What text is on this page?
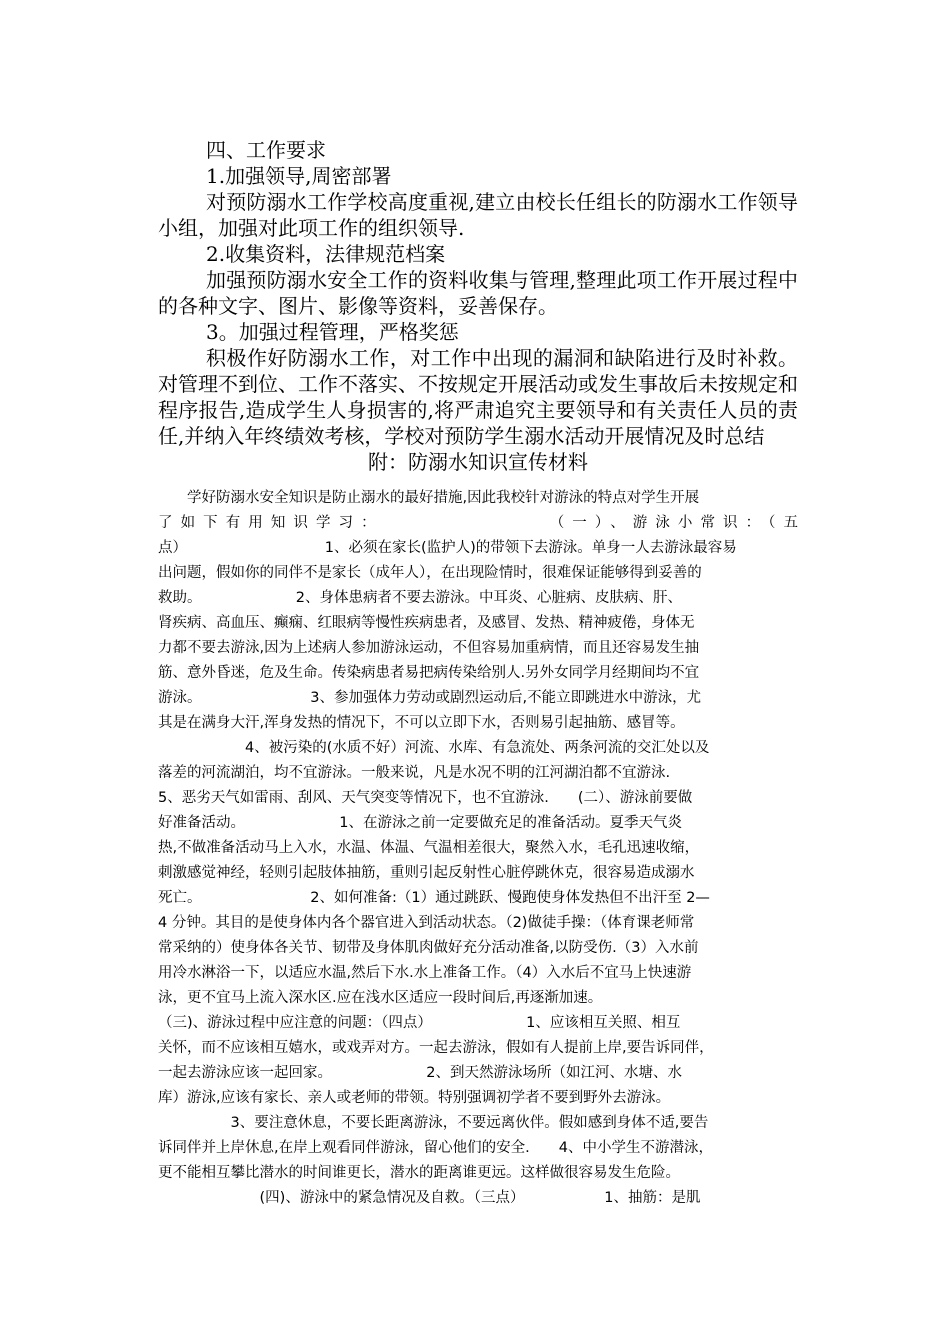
四、工作要求

1.加强领导,周密部署

对预防溺水工作学校高度重视,建立由校长任组长的防溺水工作领导小组，加强对此项工作的组织领导.

2.收集资料，法律规范档案

加强预防溺水安全工作的资料收集与管理,整理此项工作开展过程中的各种文字、图片、影像等资料，妥善保存。

3。加强过程管理，严格奖惩

积极作好防溺水工作，对工作中出现的漏洞和缺陷进行及时补救。对管理不到位、工作不落实、不按规定开展活动或发生事故后未按规定和程序报告,造成学生人身损害的,将严肃追究主要领导和有关责任人员的责任,并纳入年终绩效考核，学校对预防学生溺水活动开展情况及时总结

附：防溺水知识宣传材料

　　学好防溺水安全知识是防止溺水的最好措施,因此我校针对游泳的特点对学生开展
了如下有用知识学习：　　　　　　　　（一）、游泳小常识：（五
点）　　　　　　　　　　1、必须在家长(监护人)的带领下去游泳。单身一人去游泳最容易
出问题，假如你的同伴不是家长（成年人），在出现险情时，很难保证能够得到妥善的
救助。　　　　　　　2、身体患病者不要去游泳。中耳炎、心脏病、皮肤病、肝、
肾疾病、高血压、癫痫、红眼病等慢性疾病患者，及感冒、发热、精神疲倦，身体无
力都不要去游泳,因为上述病人参加游泳运动，不但容易加重病情，而且还容易发生抽
筋、意外昏迷，危及生命。传染病患者易把病传染给别人.另外女同学月经期间均不宜
游泳。　　　　　　　　3、参加强体力劳动或剧烈运动后,不能立即跳进水中游泳，尤
其是在满身大汗,浑身发热的情况下，不可以立即下水，否则易引起抽筋、感冒等。
　　　　　　4、被污染的(水质不好）河流、水库、有急流处、两条河流的交汇处以及
落差的河流湖泊，均不宜游泳。一般来说，凡是水况不明的江河湖泊都不宜游泳.
5、恶劣天气如雷雨、刮风、天气突变等情况下，也不宜游泳.　　(二）、游泳前要做
好准备活动。　　　　　　　1、在游泳之前一定要做充足的准备活动。夏季天气炎
热,不做准备活动马上入水，水温、体温、气温相差很大，聚然入水，毛孔迅速收缩，
刺激感觉神经，轻则引起肢体抽筋，重则引起反射性心脏停跳休克，很容易造成溺水
死亡。　　　　　　　　2、如何准备:（1）通过跳跃、慢跑使身体发热但不出汗至 2—
4 分钟。其目的是使身体内各个器官进入到活动状态。（2)做徒手操：（体育课老师常
常采纳的）使身体各关节、韧带及身体肌肉做好充分活动准备,以防受伤.（3）入水前
用冷水淋浴一下，以适应水温,然后下水.水上准备工作。（4）入水后不宜马上快速游
泳，更不宜马上流入深水区.应在浅水区适应一段时间后,再逐渐加速。
（三)、游泳过程中应注意的问题：（四点）　　　　　　　1、应该相互关照、相互
关怀，而不应该相互嬉水，或戏弄对方。一起去游泳，假如有人提前上岸,要告诉同伴，
一起去游泳应该一起回家。　　　　　　　2、到天然游泳场所（如江河、水塘、水
库）游泳,应该有家长、亲人或老师的带领。特别强调初学者不要到野外去游泳。
　　　　　3、要注意休息，不要长距离游泳，不要远离伙伴。假如感到身体不适,要告
诉同伴并上岸休息,在岸上观看同伴游泳，留心他们的安全.　　4、中小学生不游潜泳，
更不能相互攀比潜水的时间谁更长，潜水的距离谁更远。这样做很容易发生危险。
　　　　　　　(四)、游泳中的紧急情况及自救。（三点）　　　　　　1、抽筋：是肌
